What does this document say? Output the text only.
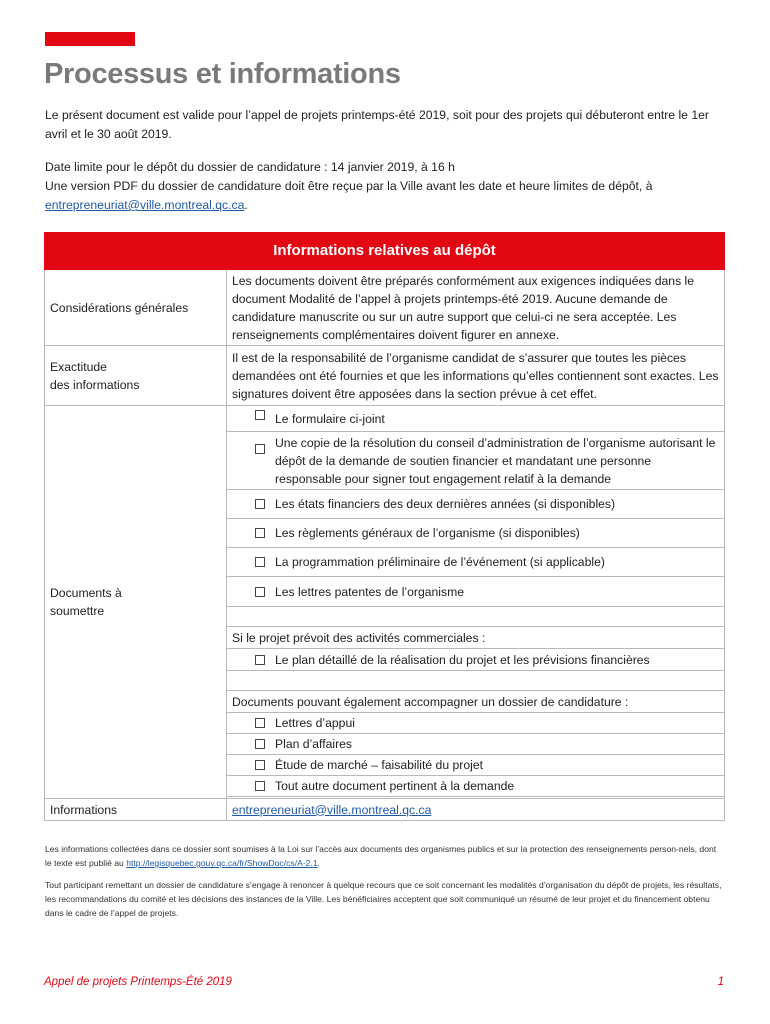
Processus et informations

Le présent document est valide pour l’appel de projets printemps-été 2019, soit pour des projets qui débuteront entre le 1er avril et le 30 août 2019.

Date limite pour le dépôt du dossier de candidature : 14 janvier 2019, à 16 h
Une version PDF du dossier de candidature doit être reçue par la Ville avant les date et heure limites de dépôt, à
entrepreneuriat@ville.montreal.qc.ca.

Informations relatives au dépôt	
Considérations générales	Les documents doivent être préparés conformément aux exigences indiquées dans le document Modalité de l’appel à projets printemps-été 2019. Aucune demande de candidature manuscrite ou sur un autre support que celui-ci ne sera acceptée. Les renseignements complémentaires doivent figurer en annexe.
Exactitude
des informations	Il est de la responsabilité de l’organisme candidat de s’assurer que toutes les pièces demandées ont été fournies et que les informations qu’elles contiennent sont exactes. Les signatures doivent être apposées dans la section prévue à cet effet.
Documents à
soumettre	Le formulaire ci-joint

	Une copie de la résolution du conseil d’administration de l’organisme autorisant le dépôt de la demande de soutien financier et mandatant une personne responsable pour signer tout engagement relatif à la demande

	Les états financiers des deux dernières années (si disponibles)

	Les règlements généraux de l’organisme (si disponibles)

	La programmation préliminaire de l’événement (si applicable)

	Les lettres patentes de l’organisme

	Si le projet prévoit des activités commerciales :

	Le plan détaillé de la réalisation du projet et les prévisions financières

	Documents pouvant également accompagner un dossier de candidature :

	Lettres d’appui

	Plan d’affaires

	Étude de marché – faisabilité du projet

	Tout autre document pertinent à la demande

Informations	entrepreneuriat@ville.montreal.qc.ca

Les informations collectées dans ce dossier sont soumises à la Loi sur l’accès aux documents des organismes publics et sur la protection des renseignements person-nels, dont le texte est publié au http://legisquebec.gouv.qc.ca/fr/ShowDoc/cs/A-2.1.

Tout participant remettant un dossier de candidature s’engage à renoncer à quelque recours que ce soit concernant les modalités d’organisation du dépôt de projets, les résultats, les recommandations du comité et les décisions des instances de la Ville. Les bénéficiaires acceptent que soit communiqué un résumé de leur projet et du financement obtenu dans le cadre de l’appel de projets.

Appel de projets Printemps-Été 2019	1
